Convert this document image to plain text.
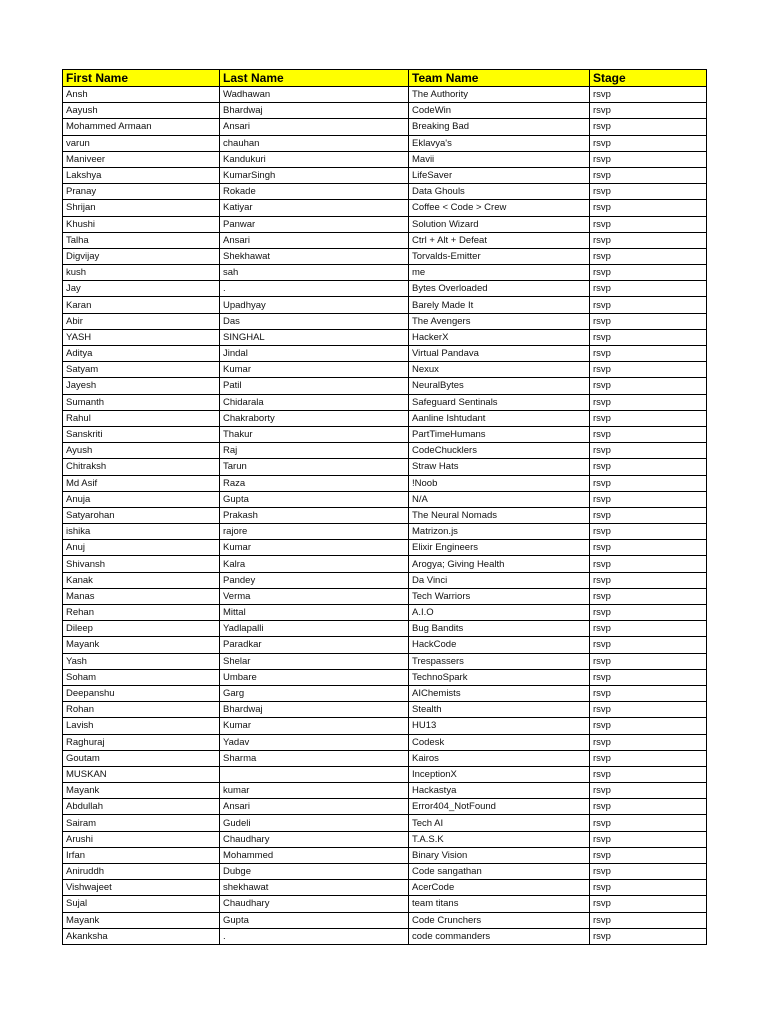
First Name	Last Name	Team Name	Stage
Ansh	Wadhawan	The Authority	rsvp
Aayush	Bhardwaj	CodeWin	rsvp
Mohammed Armaan	Ansari	Breaking Bad	rsvp
varun	chauhan	Eklavya's	rsvp
Maniveer	Kandukuri	Mavii	rsvp
Lakshya	KumarSingh	LifeSaver	rsvp
Pranay	Rokade	Data Ghouls	rsvp
Shrijan	Katiyar	Coffee < Code > Crew	rsvp
Khushi	Panwar	Solution Wizard	rsvp
Talha	Ansari	Ctrl + Alt + Defeat	rsvp
Digvijay	Shekhawat	Torvalds-Emitter	rsvp
kush	sah	me	rsvp
Jay	.	Bytes Overloaded	rsvp
Karan	Upadhyay	Barely Made It	rsvp
Abir	Das	The Avengers	rsvp
YASH	SINGHAL	HackerX	rsvp
Aditya	Jindal	Virtual Pandava	rsvp
Satyam	Kumar	Nexux	rsvp
Jayesh	Patil	NeuralBytes	rsvp
Sumanth	Chidarala	Safeguard Sentinals	rsvp
Rahul	Chakraborty	Aanline Ishtudant	rsvp
Sanskriti	Thakur	PartTimeHumans	rsvp
Ayush	Raj	CodeChucklers	rsvp
Chitraksh	Tarun	Straw Hats	rsvp
Md Asif	Raza	!Noob	rsvp
Anuja	Gupta	N/A	rsvp
Satyarohan	Prakash	The Neural Nomads	rsvp
ishika	rajore	Matrizon.js	rsvp
Anuj	Kumar	Elixir Engineers	rsvp
Shivansh	Kalra	Arogya; Giving Health	rsvp
Kanak	Pandey	Da Vinci	rsvp
Manas	Verma	Tech Warriors	rsvp
Rehan	Mittal	A.I.O	rsvp
Dileep	Yadlapalli	Bug Bandits	rsvp
Mayank	Paradkar	HackCode	rsvp
Yash	Shelar	Trespassers	rsvp
Soham	Umbare	TechnoSpark	rsvp
Deepanshu	Garg	AIChemists	rsvp
Rohan	Bhardwaj	Stealth	rsvp
Lavish	Kumar	HU13	rsvp
Raghuraj	Yadav	Codesk	rsvp
Goutam	Sharma	Kairos	rsvp
MUSKAN		InceptionX	rsvp
Mayank	kumar	Hackastya	rsvp
Abdullah	Ansari	Error404_NotFound	rsvp
Sairam	Gudeli	Tech AI	rsvp
Arushi	Chaudhary	T.A.S.K	rsvp
Irfan	Mohammed	Binary Vision	rsvp
Aniruddh	Dubge	Code sangathan	rsvp
Vishwajeet	shekhawat	AcerCode	rsvp
Sujal	Chaudhary	team titans	rsvp
Mayank	Gupta	Code Crunchers	rsvp
Akanksha	.	code commanders	rsvp
